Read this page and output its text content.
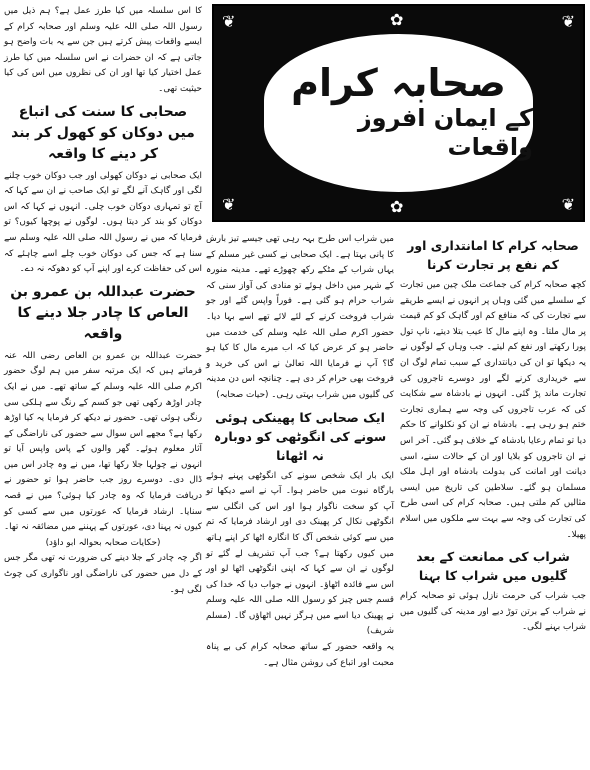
❦	❦
❦	❦
✿
✿
صحابہ کرام
کے ایمان افروز واقعات

کا اس سلسلہ میں کیا طرز عمل ہے؟ ہم ذیل میں رسول اللہ صلی اللہ علیہ وسلم اور صحابہ کرام کے ایسے واقعات پیش کرتے ہیں جن سے یہ بات واضح ہو جاتی ہے کہ ان حضرات نے اس سلسلہ میں کیا طرز عمل اختیار کیا تھا اور ان کی نظروں میں اس کی کیا حیثیت تھی۔

صحابی کا سنت کی اتباع میں دوکان کو کھول کر بند کر دینے کا واقعہ

ایک صحابی نے دوکان کھولی اور جب دوکان خوب چلنے لگی اور گاہک آنے لگے تو ایک صاحب نے ان سے کہا کہ آج تو تمہاری دوکان خوب چلی۔ انہوں نے کہا کہ اس دوکان کو بند کر دیتا ہوں۔ لوگوں نے پوچھا کیوں؟ تو فرمایا کہ میں نے رسول اللہ صلی اللہ علیہ وسلم سے سنا ہے کہ جس کی دوکان خوب چلے اسے چاہئے کہ اس کی حفاظت کرے اور اپنے آپ کو دھوکہ نہ دے۔

حضرت عبداللہ بن عمرو بن العاص کا چادر جلا دینے کا واقعہ

حضرت عبداللہ بن عمرو بن العاص رضی اللہ عنہ فرماتے ہیں کہ ایک مرتبہ سفر میں ہم لوگ حضور اکرم صلی اللہ علیہ وسلم کے ساتھ تھے۔ میں نے ایک چادر اوڑھ رکھی تھی جو کسم کے رنگ سے ہلکی سی رنگی ہوئی تھی۔ حضور نے دیکھ کر فرمایا یہ کیا اوڑھ رکھا ہے؟ مجھے اس سوال سے حضور کی ناراضگی کے آثار معلوم ہوئے۔ گھر والوں کے پاس واپس آیا تو انہوں نے چولہا جلا رکھا تھا، میں نے وہ چادر اس میں ڈال دی۔ دوسرے روز جب حاضر ہوا تو حضور نے دریافت فرمایا کہ وہ چادر کیا ہوئی؟ میں نے قصہ سنایا۔ ارشاد فرمایا کہ عورتوں میں سے کسی کو کیوں نہ پہنا دی، عورتوں کے پہننے میں مضائقہ نہ تھا۔

(حکایات صحابہ بحوالہ ابو داؤد)

اگر چہ چادر کے جلا دینے کی ضرورت نہ تھی مگر جس کے دل میں حضور کی ناراضگی اور ناگواری کی چوٹ لگی ہو۔

میں شراب اس طرح بہہ رہی تھی جیسے تیز بارش کا پانی بہتا ہے۔ ایک صحابی نے کسی غیر مسلم کے یہاں شراب کے مٹکے رکھ چھوڑے تھے۔ مدینہ منورہ کے شہر میں داخل ہوئے تو منادی کی آواز سنی کہ شراب حرام ہو گئی ہے۔ فوراً واپس گئے اور جو شراب فروخت کرنے کے لئے لائے تھے اسے بہا دیا۔ حضور اکرم صلی اللہ علیہ وسلم کی خدمت میں حاضر ہو کر عرض کیا کہ اب میرے مال کا کیا ہو گا؟ آپ نے فرمایا اللہ تعالیٰ نے اس کی خرید و فروخت بھی حرام کر دی ہے۔ چنانچہ اس دن مدینہ کی گلیوں میں شراب بہتی رہی۔ (حیات صحابہ)

ایک صحابی کا پھینکی ہوئی سونے کی انگوٹھی کو دوبارہ نہ اٹھانا

ایک بار ایک شخص سونے کی انگوٹھی پہنے ہوئے بارگاہ نبوت میں حاضر ہوا۔ آپ نے اسے دیکھا تو آپ کو سخت ناگوار ہوا اور اس کی انگلی سے انگوٹھی نکال کر پھینک دی اور ارشاد فرمایا کہ تم میں سے کوئی شخص آگ کا انگارہ اٹھا کر اپنے ہاتھ میں کیوں رکھتا ہے؟ جب آپ تشریف لے گئے تو لوگوں نے ان سے کہا کہ اپنی انگوٹھی اٹھا لو اور اس سے فائدہ اٹھاؤ۔ انہوں نے جواب دیا کہ خدا کی قسم جس چیز کو رسول اللہ صلی اللہ علیہ وسلم نے پھینک دیا اسے میں ہرگز نہیں اٹھاؤں گا۔ (مسلم شریف)

یہ واقعہ حضور کے ساتھ صحابہ کرام کی بے پناہ محبت اور اتباع کی روشن مثال ہے۔

صحابہ کرام کا امانتداری اور کم نفع پر تجارت کرنا

کچھ صحابہ کرام کی جماعت ملک چین میں تجارت کے سلسلے میں گئی وہاں پر انہوں نے ایسے طریقے سے تجارت کی کہ منافع کم اور گاہک کو کم قیمت پر مال ملتا۔ وہ اپنے مال کا عیب بتلا دیتے، ناپ تول پورا رکھتے اور نفع کم لیتے۔ جب وہاں کے لوگوں نے یہ دیکھا تو ان کی دیانتداری کے سبب تمام لوگ ان سے خریداری کرنے لگے اور دوسرے تاجروں کی تجارت ماند پڑ گئی۔ انہوں نے بادشاہ سے شکایت کی کہ عرب تاجروں کی وجہ سے ہماری تجارت ختم ہو رہی ہے۔ بادشاہ نے ان کو نکلوانے کا حکم دیا تو تمام رعایا بادشاہ کے خلاف ہو گئی۔ آخر اس نے ان تاجروں کو بلایا اور ان کے حالات سنے، اسی دیانت اور امانت کی بدولت بادشاہ اور اہل ملک مسلمان ہو گئے۔ سلاطین کی تاریخ میں ایسی مثالیں کم ملتی ہیں۔ صحابہ کرام کی اسی طرح کی تجارت کی وجہ سے بہت سے ملکوں میں اسلام پھیلا۔

شراب کی ممانعت کے بعد گلیوں میں شراب کا بہنا

جب شراب کی حرمت نازل ہوئی تو صحابہ کرام نے شراب کے برتن توڑ دیے اور مدینہ کی گلیوں میں شراب بہنے لگی۔
